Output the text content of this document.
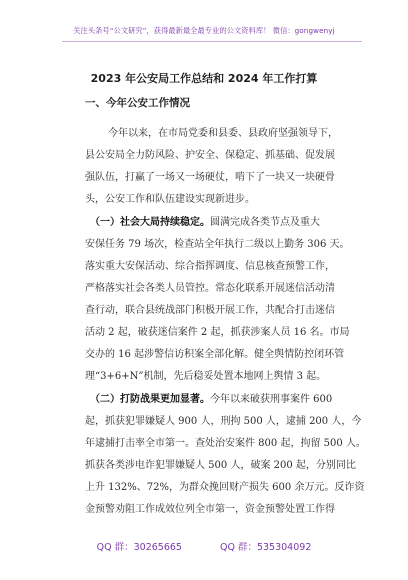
关注头条号“公文研究”，获得最新最全最专业的公文资料库！ 微信：gongwenyj
2023 年公安局工作总结和 2024 年工作打算
一、今年公安工作情况
今年以来，在市局党委和县委、县政府坚强领导下，
县公安局全力防风险、护安全、保稳定、抓基础、促发展
强队伍，打赢了一场又一场硬仗，啃下了一块又一块硬骨
头，公安工作和队伍建设实现新进步。
（一）社会大局持续稳定。圆满完成各类节点及重大
安保任务 79 场次，检查站全年执行二级以上勤务 306 天。
落实重大安保活动、综合指挥调度、信息核查预警工作，
严格落实社会各类人员管控。常态化联系开展迷信活动清
查行动，联合县统战部门积极开展工作，共配合打击迷信
活动 2 起，破获迷信案件 2 起，抓获涉案人员 16 名。市局
交办的 16 起涉警信访积案全部化解。健全舆情防控闭环管
理“3+6+N”机制，先后稳妥处置本地网上舆情 3 起。
（二）打防战果更加显著。今年以来破获刑事案件 600
起，抓获犯罪嫌疑人 900 人，刑拘 500 人，逮捕 200 人，今
年逮捕打击率全市第一。查处治安案件 800 起，拘留 500 人。
抓获各类涉电诈犯罪嫌疑人 500 人，破案 200 起，分别同比
上升 132%、72%，为群众挽回财产损失 600 余万元。反诈资
金预警劝阻工作成效位列全市第一，资金预警处置工作得
QQ 群：30265665	QQ 群：535304092
